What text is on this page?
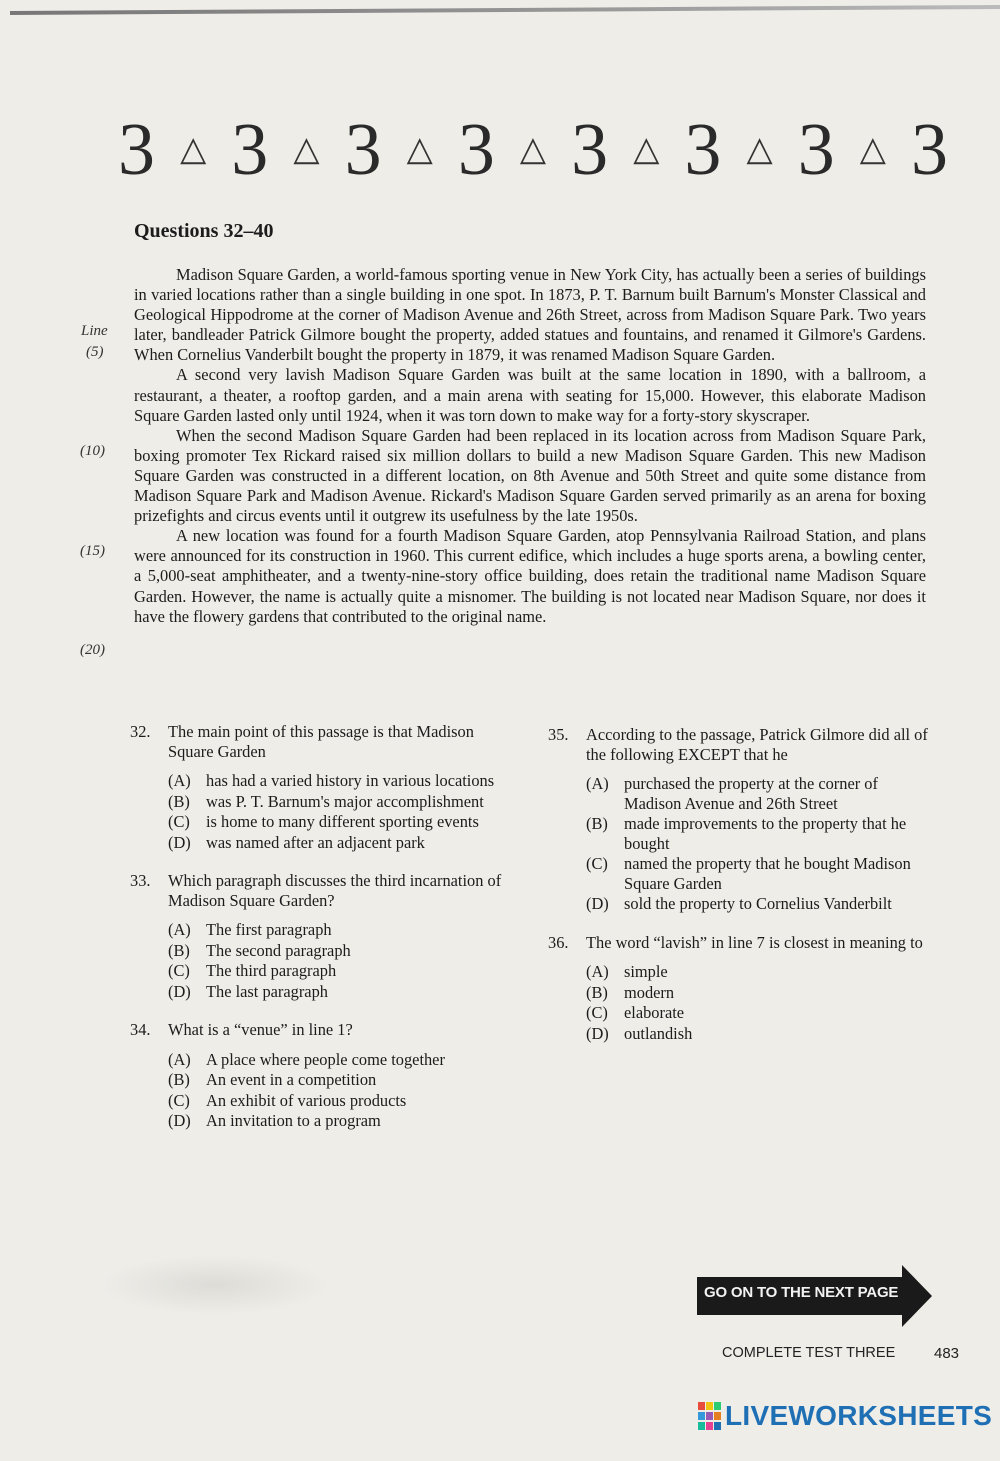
3 △ 3 △ 3 △ 3 △ 3 △ 3 △ 3 △ 3
Questions 32–40
Line
(5)
(10)
(15)
(20)

Madison Square Garden, a world-famous sporting venue in New York City, has actually been a series of buildings in varied locations rather than a single building in one spot. In 1873, P. T. Barnum built Barnum's Monster Classical and Geological Hippodrome at the corner of Madison Avenue and 26th Street, across from Madison Square Park. Two years later, bandleader Patrick Gilmore bought the property, added statues and fountains, and renamed it Gilmore's Gardens. When Cornelius Vanderbilt bought the property in 1879, it was renamed Madison Square Garden.

A second very lavish Madison Square Garden was built at the same location in 1890, with a ballroom, a restaurant, a theater, a rooftop garden, and a main arena with seating for 15,000. However, this elaborate Madison Square Garden lasted only until 1924, when it was torn down to make way for a forty-story skyscraper.

When the second Madison Square Garden had been replaced in its location across from Madison Square Park, boxing promoter Tex Rickard raised six million dollars to build a new Madison Square Garden. This new Madison Square Garden was constructed in a different location, on 8th Avenue and 50th Street and quite some distance from Madison Square Park and Madison Avenue. Rickard's Madison Square Garden served primarily as an arena for boxing prizefights and circus events until it outgrew its usefulness by the late 1950s.

A new location was found for a fourth Madison Square Garden, atop Pennsylvania Railroad Station, and plans were announced for its construction in 1960. This current edifice, which includes a huge sports arena, a bowling center, a 5,000-seat amphitheater, and a twenty-nine-story office building, does retain the traditional name Madison Square Garden. However, the name is actually quite a misnomer. The building is not located near Madison Square, nor does it have the flowery gardens that contributed to the original name.

32.	The main point of this passage is that Madison Square Garden
(A) has had a varied history in various locations
(B) was P. T. Barnum's major accomplishment
(C) is home to many different sporting events
(D) was named after an adjacent park
33.	Which paragraph discusses the third incarnation of Madison Square Garden?
(A) The first paragraph
(B) The second paragraph
(C) The third paragraph
(D) The last paragraph
34.	What is a “venue” in line 1?
(A) A place where people come together
(B) An event in a competition
(C) An exhibit of various products
(D) An invitation to a program
35.	According to the passage, Patrick Gilmore did all of the following EXCEPT that he
(A) purchased the property at the corner of Madison Avenue and 26th Street
(B) made improvements to the property that he bought
(C) named the property that he bought Madison Square Garden
(D) sold the property to Cornelius Vanderbilt
36.	The word “lavish” in line 7 is closest in meaning to
(A) simple
(B) modern
(C) elaborate
(D) outlandish
GO ON TO THE NEXT PAGE
COMPLETE TEST THREE	483
LIVEWORKSHEETS
